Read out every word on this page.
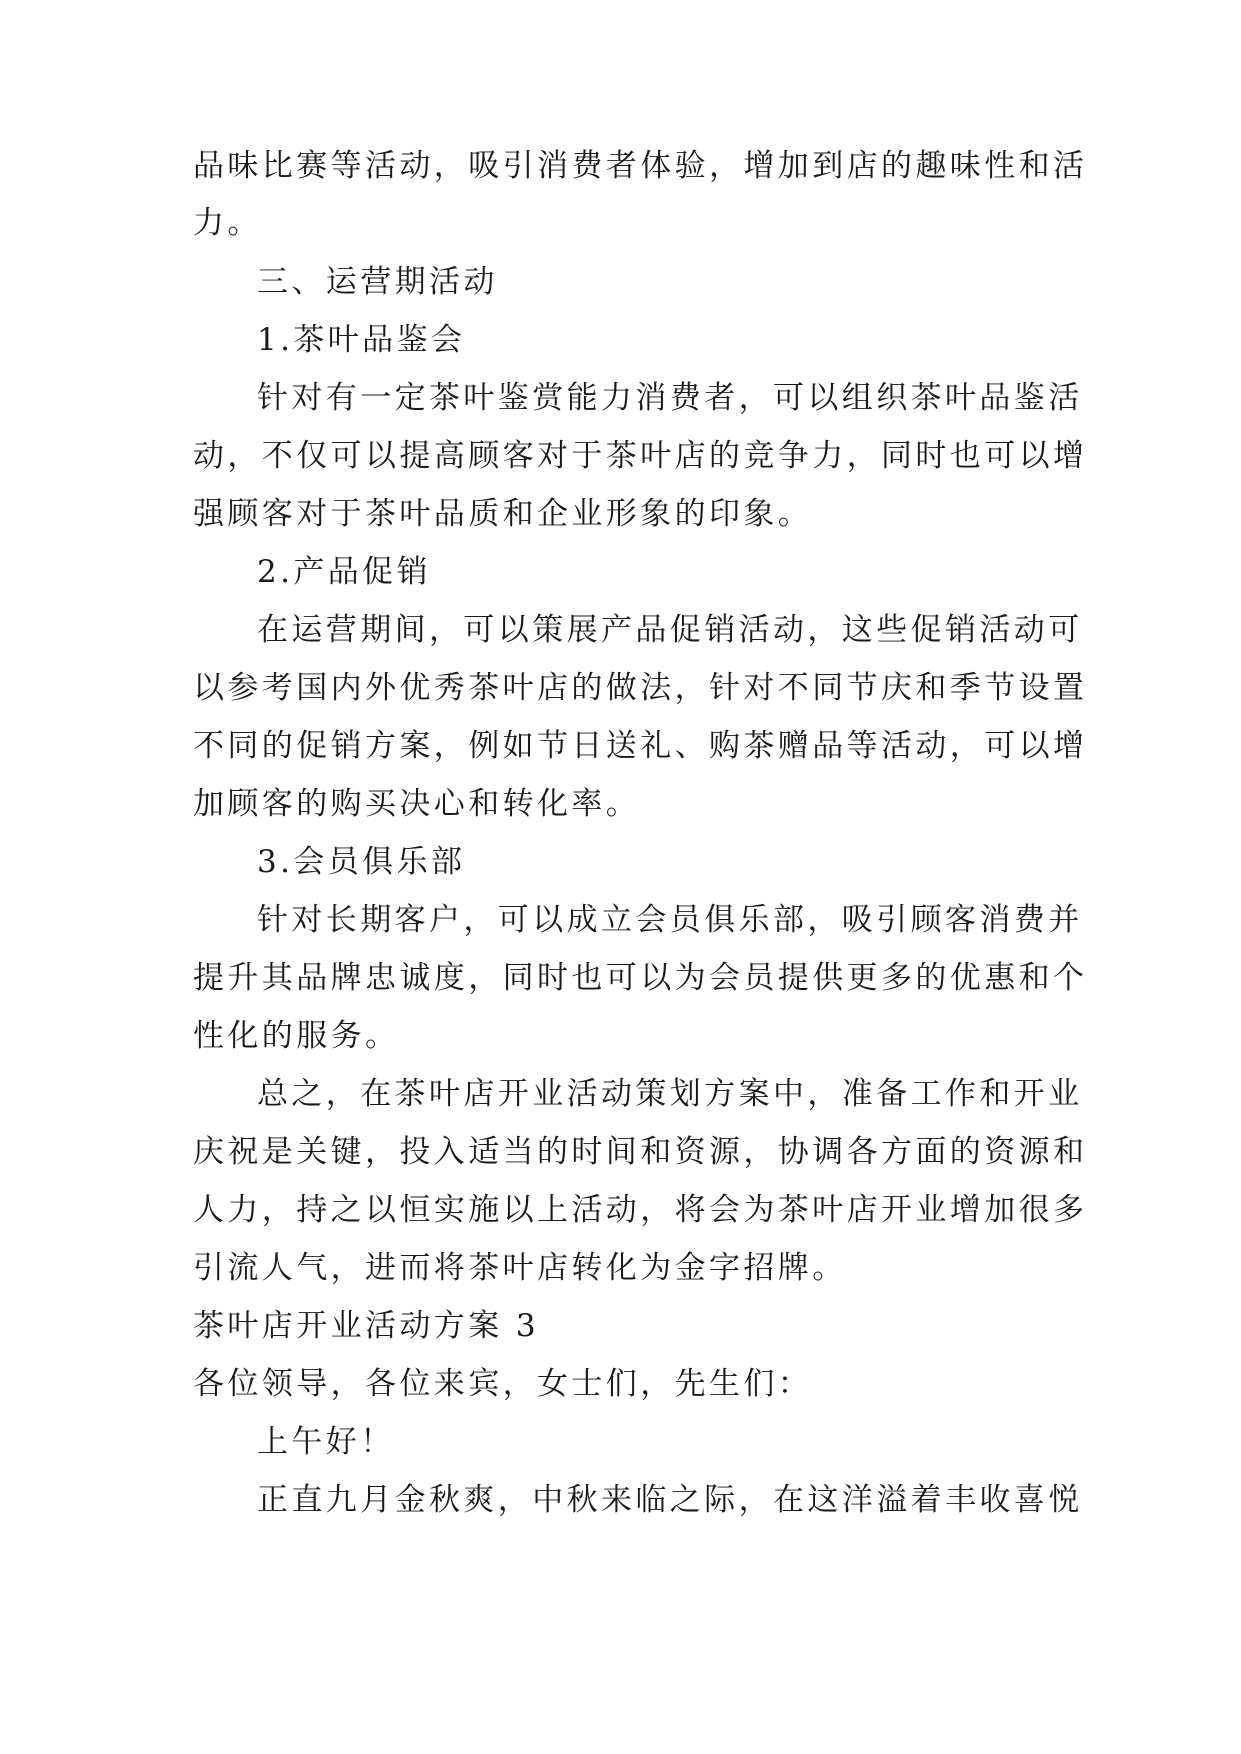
品味比赛等活动，吸引消费者体验，增加到店的趣味性和活
力。
三、运营期活动
1.茶叶品鉴会
针对有一定茶叶鉴赏能力消费者，可以组织茶叶品鉴活
动，不仅可以提高顾客对于茶叶店的竞争力，同时也可以增
强顾客对于茶叶品质和企业形象的印象。
2.产品促销
在运营期间，可以策展产品促销活动，这些促销活动可
以参考国内外优秀茶叶店的做法，针对不同节庆和季节设置
不同的促销方案，例如节日送礼、购茶赠品等活动，可以增
加顾客的购买决心和转化率。
3.会员俱乐部
针对长期客户，可以成立会员俱乐部，吸引顾客消费并
提升其品牌忠诚度，同时也可以为会员提供更多的优惠和个
性化的服务。
总之，在茶叶店开业活动策划方案中，准备工作和开业
庆祝是关键，投入适当的时间和资源，协调各方面的资源和
人力，持之以恒实施以上活动，将会为茶叶店开业增加很多
引流人气，进而将茶叶店转化为金字招牌。
茶叶店开业活动方案 3
各位领导，各位来宾，女士们，先生们：
上午好！
正直九月金秋爽，中秋来临之际，在这洋溢着丰收喜悦
